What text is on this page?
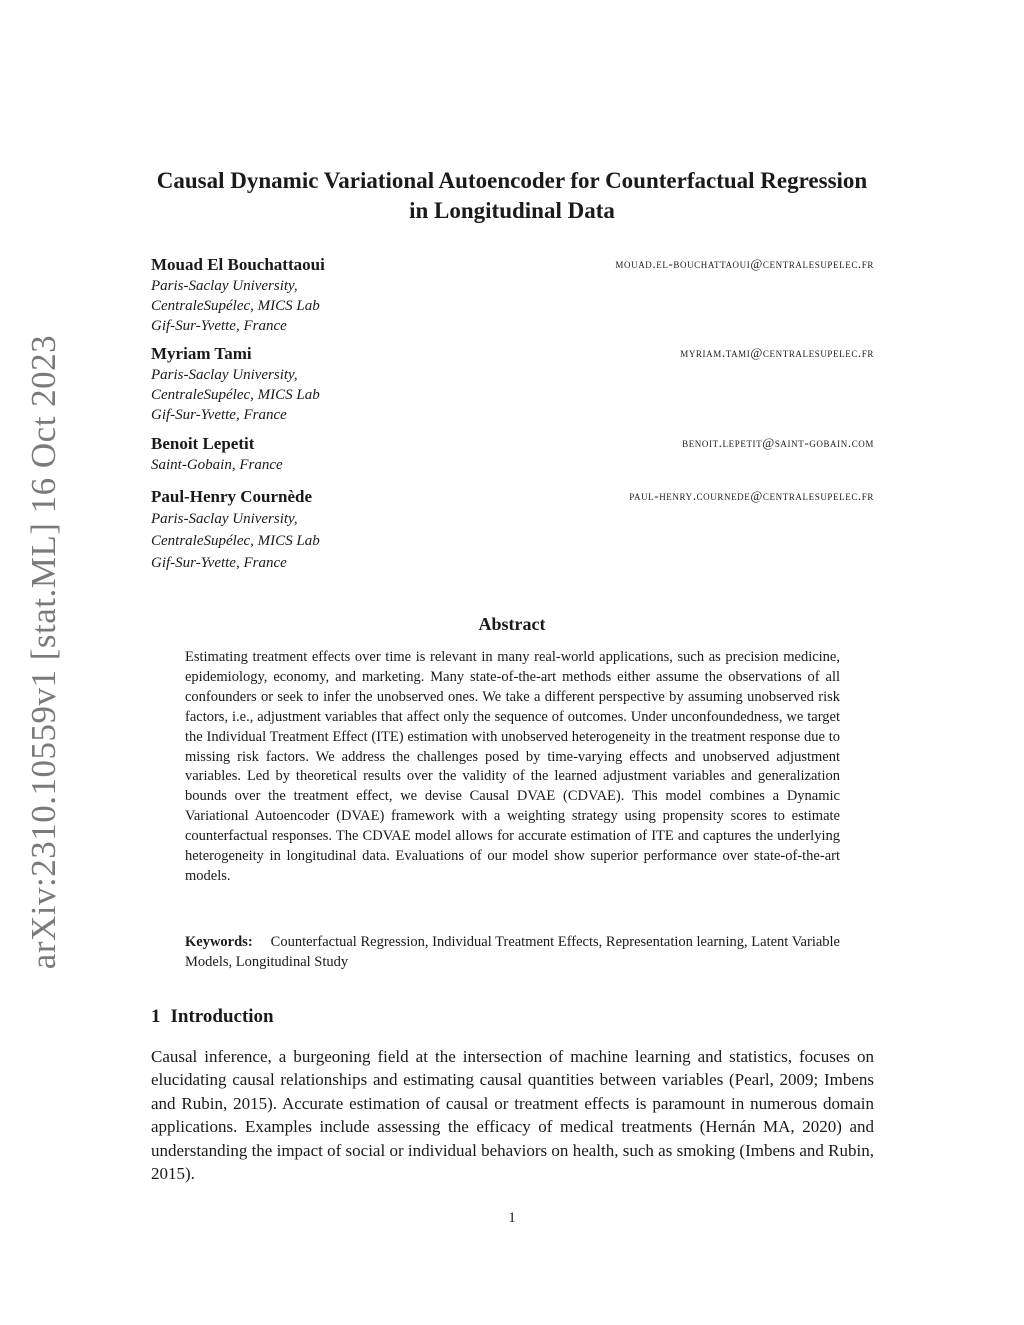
arXiv:2310.10559v1 [stat.ML] 16 Oct 2023
Causal Dynamic Variational Autoencoder for Counterfactual Regression in Longitudinal Data
Mouad El Bouchattaoui	mouad.el-bouchattaoui@centralesupelec.fr
Paris-Saclay University,
CentraleSupélec, MICS Lab
Gif-Sur-Yvette, France
Myriam Tami	myriam.tami@centralesupelec.fr
Paris-Saclay University,
CentraleSupélec, MICS Lab
Gif-Sur-Yvette, France
Benoit Lepetit	benoit.lepetit@saint-gobain.com
Saint-Gobain, France
Paul-Henry Cournède	paul-henry.cournede@centralesupelec.fr
Paris-Saclay University,
CentraleSupélec, MICS Lab
Gif-Sur-Yvette, France
Abstract
Estimating treatment effects over time is relevant in many real-world applications, such as precision medicine, epidemiology, economy, and marketing. Many state-of-the-art methods either assume the observations of all confounders or seek to infer the unobserved ones. We take a different perspective by assuming unobserved risk factors, i.e., adjustment variables that affect only the sequence of outcomes. Under unconfoundedness, we target the Individual Treatment Effect (ITE) estimation with unobserved heterogeneity in the treatment response due to missing risk factors. We address the challenges posed by time-varying effects and unobserved adjustment variables. Led by theoretical results over the validity of the learned adjustment variables and generalization bounds over the treatment effect, we devise Causal DVAE (CDVAE). This model combines a Dynamic Variational Autoencoder (DVAE) framework with a weighting strategy using propensity scores to estimate counterfactual responses. The CDVAE model allows for accurate estimation of ITE and captures the underlying heterogeneity in longitudinal data. Evaluations of our model show superior performance over state-of-the-art models.
Keywords: Counterfactual Regression, Individual Treatment Effects, Representation learning, Latent Variable Models, Longitudinal Study
1 Introduction
Causal inference, a burgeoning field at the intersection of machine learning and statistics, focuses on elucidating causal relationships and estimating causal quantities between variables (Pearl, 2009; Imbens and Rubin, 2015). Accurate estimation of causal or treatment effects is paramount in numerous domain applications. Examples include assessing the efficacy of medical treatments (Hernán MA, 2020) and understanding the impact of social or individual behaviors on health, such as smoking (Imbens and Rubin, 2015).
1
